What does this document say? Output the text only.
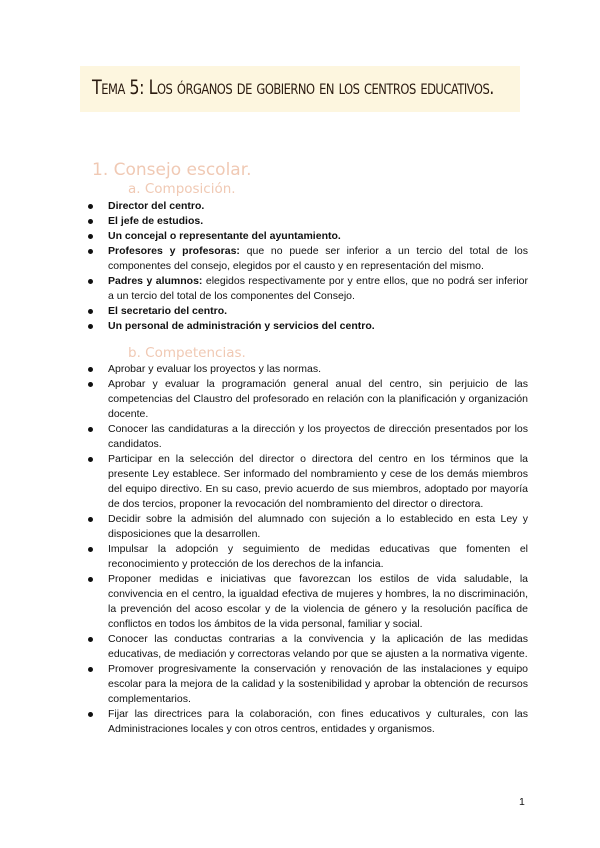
Tema 5: Los órganos de gobierno en los centros educativos.
1. Consejo escolar.
a. Composición.
Director del centro.
El jefe de estudios.
Un concejal o representante del ayuntamiento.
Profesores y profesoras: que no puede ser inferior a un tercio del total de los componentes del consejo, elegidos por el causto y en representación del mismo.
Padres y alumnos: elegidos respectivamente por y entre ellos, que no podrá ser inferior a un tercio del total de los componentes del Consejo.
El secretario del centro.
Un personal de administración y servicios del centro.
b. Competencias.
Aprobar y evaluar los proyectos y las normas.
Aprobar y evaluar la programación general anual del centro, sin perjuicio de las competencias del Claustro del profesorado en relación con la planificación y organización docente.
Conocer las candidaturas a la dirección y los proyectos de dirección presentados por los candidatos.
Participar en la selección del director o directora del centro en los términos que la presente Ley establece. Ser informado del nombramiento y cese de los demás miembros del equipo directivo. En su caso, previo acuerdo de sus miembros, adoptado por mayoría de dos tercios, proponer la revocación del nombramiento del director o directora.
Decidir sobre la admisión del alumnado con sujeción a lo establecido en esta Ley y disposiciones que la desarrollen.
Impulsar la adopción y seguimiento de medidas educativas que fomenten el reconocimiento y protección de los derechos de la infancia.
Proponer medidas e iniciativas que favorezcan los estilos de vida saludable, la convivencia en el centro, la igualdad efectiva de mujeres y hombres, la no discriminación, la prevención del acoso escolar y de la violencia de género y la resolución pacífica de conflictos en todos los ámbitos de la vida personal, familiar y social.
Conocer las conductas contrarias a la convivencia y la aplicación de las medidas educativas, de mediación y correctoras velando por que se ajusten a la normativa vigente.
Promover progresivamente la conservación y renovación de las instalaciones y equipo escolar para la mejora de la calidad y la sostenibilidad y aprobar la obtención de recursos complementarios.
Fijar las directrices para la colaboración, con fines educativos y culturales, con las Administraciones locales y con otros centros, entidades y organismos.
1
